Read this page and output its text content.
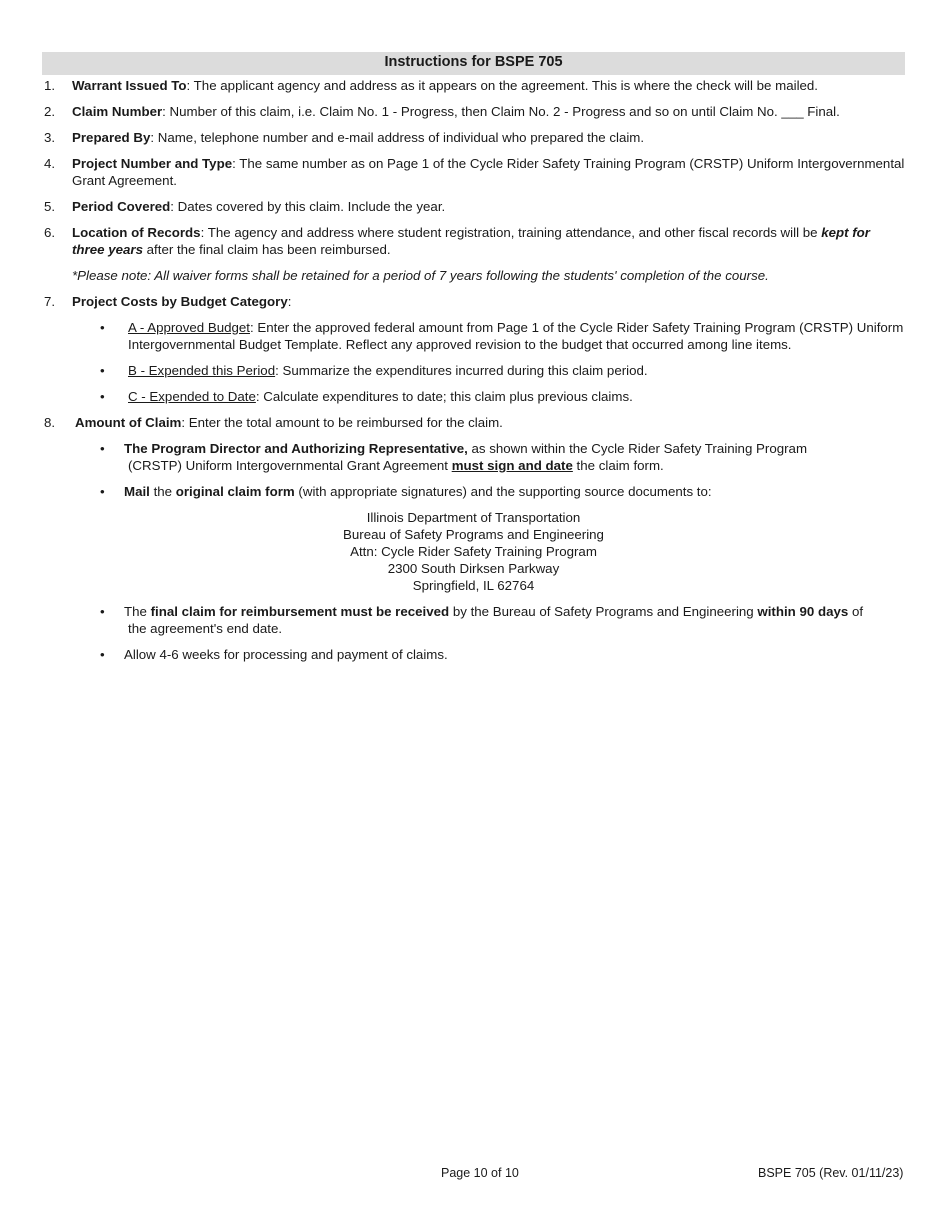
Instructions for BSPE 705
1. Warrant Issued To: The applicant agency and address as it appears on the agreement. This is where the check will be mailed.
2. Claim Number: Number of this claim, i.e. Claim No. 1 - Progress, then Claim No. 2 - Progress and so on until Claim No. ___ Final.
3. Prepared By: Name, telephone number and e-mail address of individual who prepared the claim.
4. Project Number and Type: The same number as on Page 1 of the Cycle Rider Safety Training Program (CRSTP) Uniform Intergovernmental Grant Agreement.
5. Period Covered: Dates covered by this claim. Include the year.
6. Location of Records: The agency and address where student registration, training attendance, and other fiscal records will be kept for three years after the final claim has been reimbursed.
*Please note: All waiver forms shall be retained for a period of 7 years following the students' completion of the course.
7. Project Costs by Budget Category:
• A - Approved Budget: Enter the approved federal amount from Page 1 of the Cycle Rider Safety Training Program (CRSTP) Uniform Intergovernmental Budget Template. Reflect any approved revision to the budget that occurred among line items.
• B - Expended this Period: Summarize the expenditures incurred during this claim period.
• C - Expended to Date: Calculate expenditures to date; this claim plus previous claims.
8. Amount of Claim: Enter the total amount to be reimbursed for the claim.
• The Program Director and Authorizing Representative, as shown within the Cycle Rider Safety Training Program
(CRSTP) Uniform Intergovernmental Grant Agreement must sign and date the claim form.
• Mail the original claim form (with appropriate signatures) and the supporting source documents to:
Illinois Department of Transportation
Bureau of Safety Programs and Engineering
Attn: Cycle Rider Safety Training Program
2300 South Dirksen Parkway
Springfield, IL 62764
• The final claim for reimbursement must be received by the Bureau of Safety Programs and Engineering within 90 days of
the agreement's end date.
• Allow 4-6 weeks for processing and payment of claims.
Page 10 of 10	BSPE 705 (Rev. 01/11/23)
